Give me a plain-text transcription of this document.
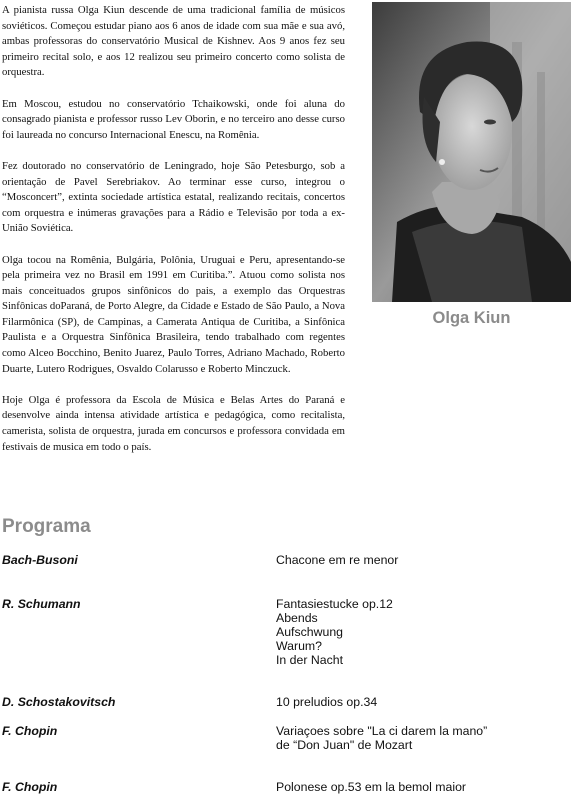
A pianista russa Olga Kiun descende de uma tradicional família de músicos soviéticos. Começou estudar piano aos 6 anos de idade com sua mãe e sua avó, ambas professoras do conservatório Musical de Kishnev. Aos 9 anos fez seu primeiro recital solo, e aos 12 realizou seu primeiro concerto como solista de orquestra.

Em Moscou, estudou no conservatório Tchaikowski, onde foi aluna do consagrado pianista e professor russo Lev Oborin, e no terceiro ano desse curso foi laureada no concurso Internacional Enescu, na Romênia.

Fez doutorado no conservatório de Leningrado, hoje São Petesburgo, sob a orientação de Pavel Serebriakov. Ao terminar esse curso, integrou o “Mosconcert”, extinta sociedade artística estatal, realizando recitais, concertos com orquestra e inúmeras gravações para a Rádio e Televisão por toda a ex-União Soviética.

Olga tocou na Romênia, Bulgária, Polônia, Uruguai e Peru, apresentando-se pela primeira vez no Brasil em 1991 em Curitiba.”. Atuou como solista nos mais conceituados grupos sinfônicos do pais, a exemplo das Orquestras Sinfônicas doParaná, de Porto Alegre, da Cidade e Estado de São Paulo, a Nova Filarmônica (SP), de Campinas, a Camerata Antiqua de Curitiba, a Sinfônica Paulista e a Orquestra Sinfônica Brasileira, tendo trabalhado com regentes como Alceo Bocchino, Benito Juarez, Paulo Torres, Adriano Machado, Roberto Duarte, Lutero Rodrigues, Osvaldo Colarusso e Roberto Minczuck.

Hoje Olga é professora da Escola de Música e Belas Artes do Paraná e desenvolve ainda intensa atividade artística e pedagógica, como recitalista, camerista, solista de orquestra, jurada em concursos e professora convidada em festivais de musica em todo o país.

Olga Kiun
Programa
Bach-Busoni	Chacone em re menor
R. Schumann	Fantasiestucke op.12
Abends
Aufschwung
Warum?
In der Nacht
D. Schostakovitsch	10 preludios op.34
F. Chopin	Variaçoes sobre "La ci darem la mano”
de “Don Juan" de Mozart
F. Chopin	Polonese op.53 em la bemol maior
